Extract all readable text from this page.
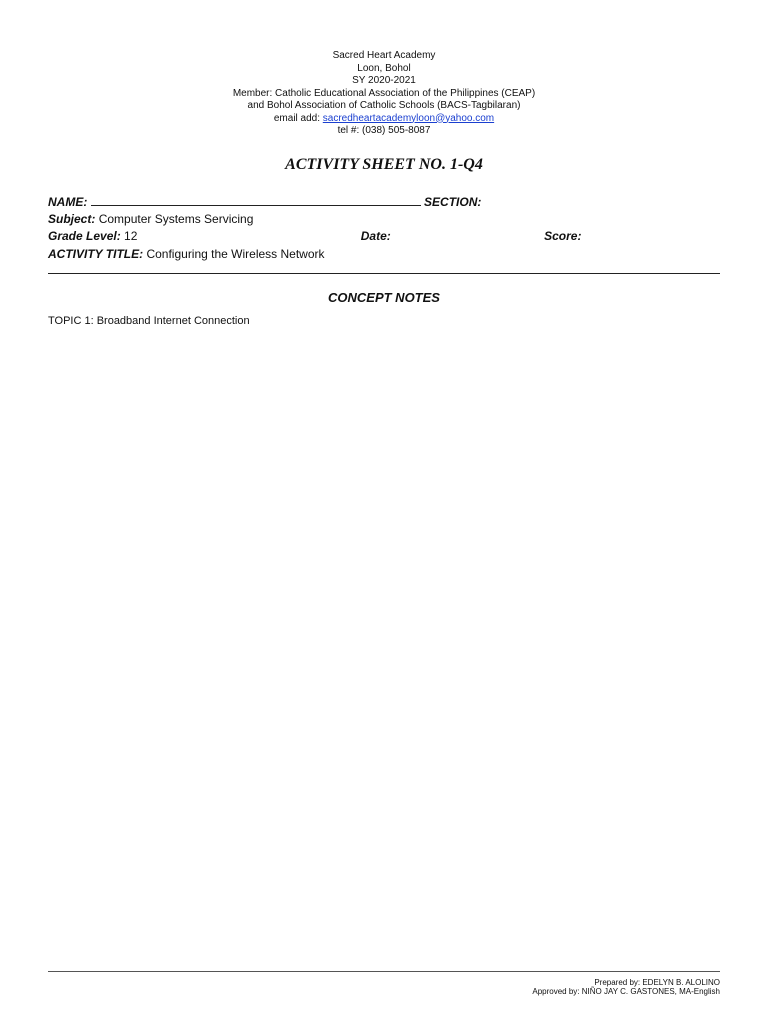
Sacred Heart Academy
Loon, Bohol
SY 2020-2021
Member: Catholic Educational Association of the Philippines (CEAP)
and Bohol Association of Catholic Schools (BACS-Tagbilaran)
email add: sacredheartacademyloon@yahoo.com
tel #: (038) 505-8087
ACTIVITY SHEET NO. 1-Q4
NAME:	SECTION:
Subject: Computer Systems Servicing
Grade Level: 12	Date:	Score:
ACTIVITY TITLE: Configuring the Wireless Network
CONCEPT NOTES
TOPIC 1: Broadband Internet Connection
Prepared by: EDELYN B. ALOLINO
Approved by: NIÑO JAY C. GASTONES, MA-English
